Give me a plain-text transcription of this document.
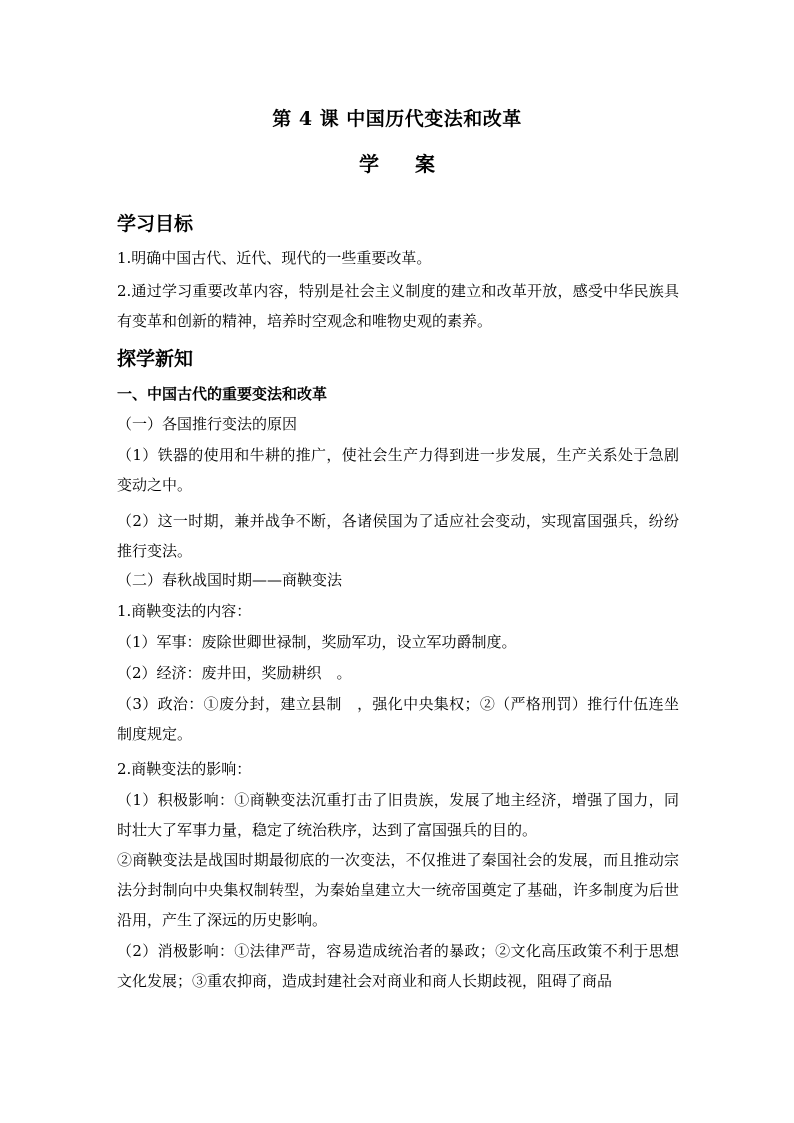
第 4 课 中国历代变法和改革
学案
学习目标
1.明确中国古代、近代、现代的一些重要改革。
2.通过学习重要改革内容，特别是社会主义制度的建立和改革开放，感受中华民族具有变革和创新的精神，培养时空观念和唯物史观的素养。
探学新知
一、中国古代的重要变法和改革
（一）各国推行变法的原因
（1）铁器的使用和牛耕的推广，使社会生产力得到进一步发展，生产关系处于急剧变动之中。
（2）这一时期，兼并战争不断，各诸侯国为了适应社会变动，实现富国强兵，纷纷推行变法。
（二）春秋战国时期——商鞅变法
1.商鞅变法的内容：
（1）军事：废除世卿世禄制，奖励军功，设立军功爵制度。
（2）经济：废井田，奖励耕织　。
（3）政治：①废分封，建立县制　，强化中央集权；②（严格刑罚）推行什伍连坐制度规定。
2.商鞅变法的影响：
（1）积极影响：①商鞅变法沉重打击了旧贵族，发展了地主经济，增强了国力，同时壮大了军事力量，稳定了统治秩序，达到了富国强兵的目的。
②商鞅变法是战国时期最彻底的一次变法，不仅推进了秦国社会的发展，而且推动宗法分封制向中央集权制转型，为秦始皇建立大一统帝国奠定了基础，许多制度为后世沿用，产生了深远的历史影响。
（2）消极影响：①法律严苛，容易造成统治者的暴政；②文化高压政策不利于思想文化发展；③重农抑商，造成封建社会对商业和商人长期歧视，阻碍了商品
